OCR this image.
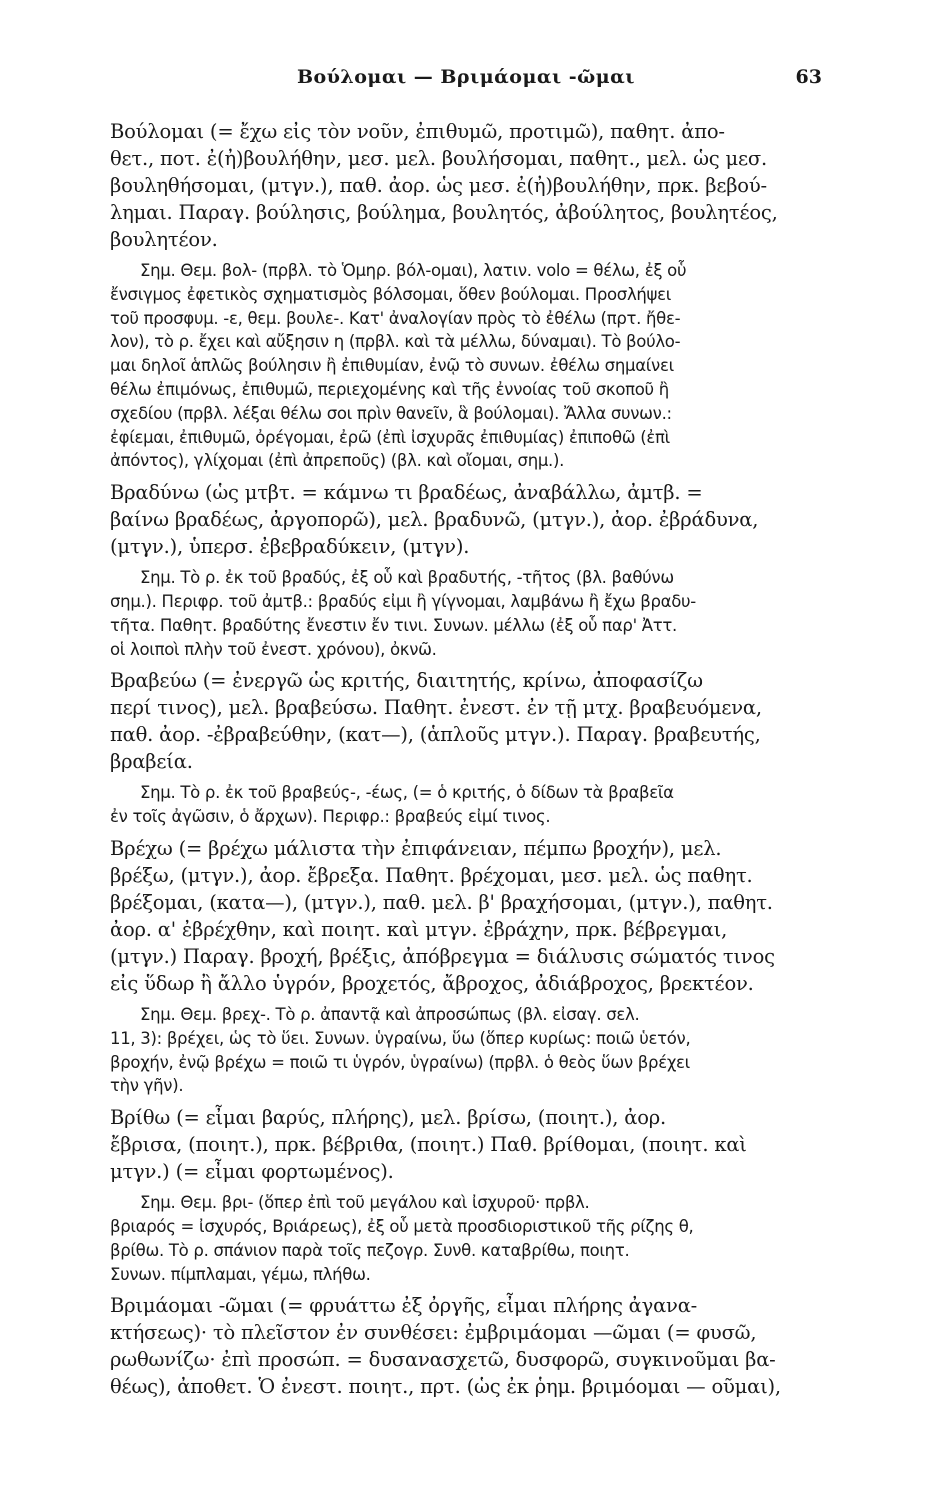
Βούλομαι — Βριμάομαι -ῶμαι	63

Βούλομαι (= ἔχω εἰς τὸν νοῦν, ἐπιθυμῶ, προτιμῶ), παθητ. ἀπο-

θετ., ποτ. ἐ(ἠ)βουλήθην, μεσ. μελ. βουλήσομαι, παθητ., μελ. ὡς μεσ.

βουληθήσομαι, (μτγν.), παθ. ἀορ. ὡς μεσ. ἐ(ἠ)βουλήθην, πρκ. βεβού-

λημαι. Παραγ. βούλησις, βούλημα, βουλητός, ἀβούλητος, βουλητέος,

βουλητέον.

Σημ. Θεμ. βολ- (πρβλ. τὸ Ὁμηρ. βόλ-ομαι), λατιν. volo = θέλω, ἐξ οὗ

ἔνσιγμος ἐφετικὸς σχηματισμὸς βόλσομαι, ὅθεν βούλομαι. Προσλήψει

τοῦ προσφυμ. -ε, θεμ. βουλε-. Κατ' ἀναλογίαν πρὸς τὸ ἐθέλω (πρτ. ἤθε-

λον), τὸ ρ. ἔχει καὶ αὔξησιν η (πρβλ. καὶ τὰ μέλλω, δύναμαι). Τὸ βούλο-

μαι δηλοῖ ἁπλῶς βούλησιν ἢ ἐπιθυμίαν, ἐνῷ τὸ συνων. ἐθέλω σημαίνει

θέλω ἐπιμόνως, ἐπιθυμῶ, περιεχομένης καὶ τῆς ἐννοίας τοῦ σκοποῦ ἢ

σχεδίου (πρβλ. λέξαι θέλω σοι πρὶν θανεῖν, ἃ βούλομαι). Ἄλλα συνων.:

ἐφίεμαι, ἐπιθυμῶ, ὀρέγομαι, ἐρῶ (ἐπὶ ἰσχυρᾶς ἐπιθυμίας) ἐπιποθῶ (ἐπὶ

ἀπόντος), γλίχομαι (ἐπὶ ἀπρεποῦς) (βλ. καὶ οἴομαι, σημ.).

Βραδύνω (ὡς μτβτ. = κάμνω τι βραδέως, ἀναβάλλω, ἀμτβ. =

βαίνω βραδέως, ἀργοπορῶ), μελ. βραδυνῶ, (μτγν.), ἀορ. ἐβράδυνα,

(μτγν.), ὑπερσ. ἐβεβραδύκειν, (μτγν).

Σημ. Τὸ ρ. ἐκ τοῦ βραδύς, ἐξ οὗ καὶ βραδυτής, -τῆτος (βλ. βαθύνω

σημ.). Περιφρ. τοῦ ἀμτβ.: βραδύς εἰμι ἢ γίγνομαι, λαμβάνω ἢ ἔχω βραδυ-

τῆτα. Παθητ. βραδύτης ἔνεστιν ἔν τινι. Συνων. μέλλω (ἐξ οὗ παρ' Ἀττ.

οἱ λοιποὶ πλὴν τοῦ ἐνεστ. χρόνου), ὀκνῶ.

Βραβεύω (= ἐνεργῶ ὡς κριτής, διαιτητής, κρίνω, ἀποφασίζω

περί τινος), μελ. βραβεύσω. Παθητ. ἐνεστ. ἐν τῇ μτχ. βραβευόμενα,

παθ. ἀορ. -ἐβραβεύθην, (κατ—), (ἁπλοῦς μτγν.). Παραγ. βραβευτής,

βραβεία.

Σημ. Τὸ ρ. ἐκ τοῦ βραβεύς-, -έως, (= ὁ κριτής, ὁ δίδων τὰ βραβεῖα

ἐν τοῖς ἀγῶσιν, ὁ ἄρχων). Περιφρ.: βραβεύς εἰμί τινος.

Βρέχω (= βρέχω μάλιστα τὴν ἐπιφάνειαν, πέμπω βροχήν), μελ.

βρέξω, (μτγν.), ἀορ. ἔβρεξα. Παθητ. βρέχομαι, μεσ. μελ. ὡς παθητ.

βρέξομαι, (κατα—), (μτγν.), παθ. μελ. β' βραχήσομαι, (μτγν.), παθητ.

ἀορ. α' ἐβρέχθην, καὶ ποιητ. καὶ μτγν. ἐβράχην, πρκ. βέβρεγμαι,

(μτγν.) Παραγ. βροχή, βρέξις, ἀπόβρεγμα = διάλυσις σώματός τινος

εἰς ὕδωρ ἢ ἄλλο ὑγρόν, βροχετός, ἄβροχος, ἀδιάβροχος, βρεκτέον.

Σημ. Θεμ. βρεχ-. Τὸ ρ. ἀπαντᾷ καὶ ἀπροσώπως (βλ. εἰσαγ. σελ.

11, 3): βρέχει, ὡς τὸ ὕει. Συνων. ὑγραίνω, ὕω (ὅπερ κυρίως: ποιῶ ὑετόν,

βροχήν, ἐνῷ βρέχω = ποιῶ τι ὑγρόν, ὑγραίνω) (πρβλ. ὁ θεὸς ὕων βρέχει

τὴν γῆν).

Βρίθω (= εἶμαι βαρύς, πλήρης), μελ. βρίσω, (ποιητ.), ἀορ.

ἔβρισα, (ποιητ.), πρκ. βέβριθα, (ποιητ.) Παθ. βρίθομαι, (ποιητ. καὶ

μτγν.) (= εἶμαι φορτωμένος).

Σημ. Θεμ. βρι- (ὅπερ ἐπὶ τοῦ μεγάλου καὶ ἰσχυροῦ· πρβλ.

βριαρός = ἰσχυρός, Βριάρεως), ἐξ οὗ μετὰ προσδιοριστικοῦ τῆς ρίζης θ,

βρίθω. Τὸ ρ. σπάνιον παρὰ τοῖς πεζογρ. Συνθ. καταβρίθω, ποιητ.

Συνων. πίμπλαμαι, γέμω, πλήθω.

Βριμάομαι -ῶμαι (= φρυάττω ἐξ ὀργῆς, εἶμαι πλήρης ἀγανα-

κτήσεως)· τὸ πλεῖστον ἐν συνθέσει: ἐμβριμάομαι —ῶμαι (= φυσῶ,

ρωθωνίζω· ἐπὶ προσώπ. = δυσανασχετῶ, δυσφορῶ, συγκινοῦμαι βα-

θέως), ἀποθετ. Ὁ ἐνεστ. ποιητ., πρτ. (ὡς ἐκ ῥημ. βριμόομαι — οῦμαι),
